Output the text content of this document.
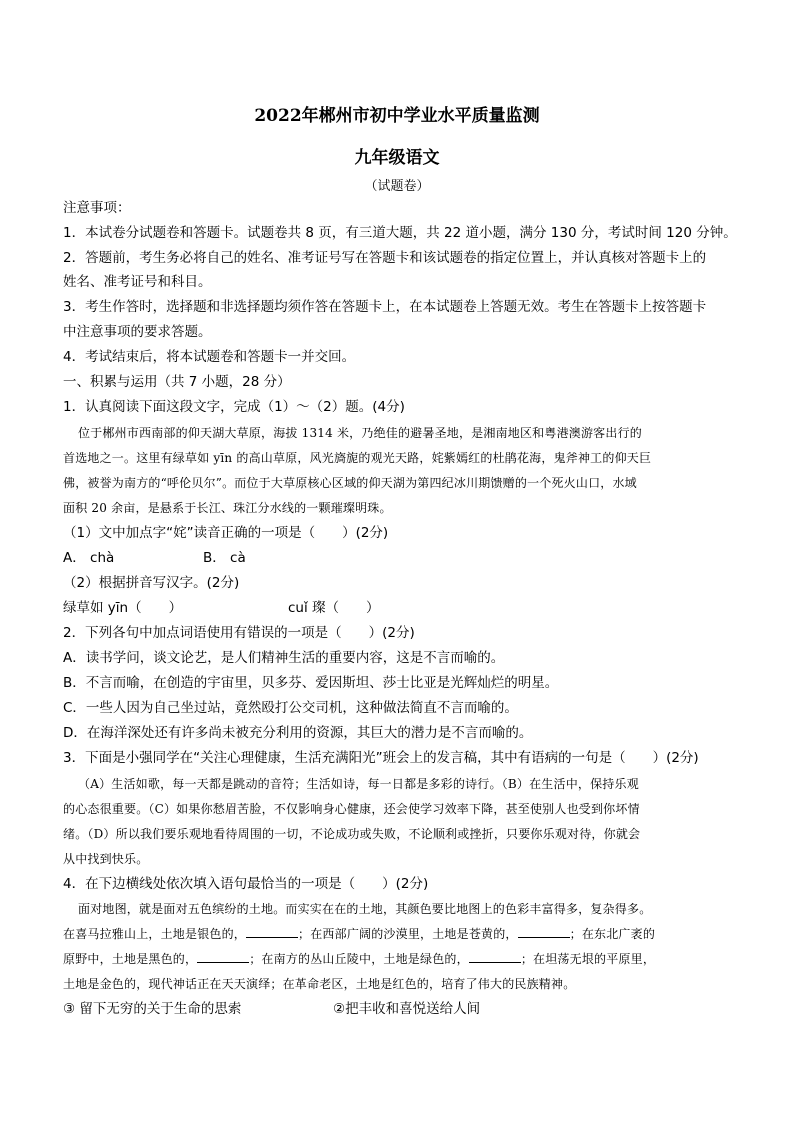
2022年郴州市初中学业水平质量监测
九年级语文
（试题卷）
注意事项：
1．本试卷分试题卷和答题卡。试题卷共 8 页，有三道大题，共 22 道小题，满分 130 分，考试时间 120 分钟。
2．答题前，考生务必将自己的姓名、准考证号写在答题卡和该试题卷的指定位置上，并认真核对答题卡上的
姓名、准考证号和科目。
3．考生作答时，选择题和非选择题均须作答在答题卡上，在本试题卷上答题无效。考生在答题卡上按答题卡
中注意事项的要求答题。
4．考试结束后，将本试题卷和答题卡一并交回。
一、积累与运用（共 7 小题，28 分）
1．认真阅读下面这段文字，完成（1）～（2）题。(4分)
位于郴州市西南部的仰天湖大草原，海拔 1314 米，乃绝佳的避暑圣地，是湘南地区和粤港澳游客出行的
首选地之一。这里有绿草如 yīn 的高山草原，风光旖旎的观光天路，姹紫嫣红的杜鹃花海，鬼斧神工的仰天巨
佛，被誉为南方的“呼伦贝尔”。而位于大草原核心区域的仰天湖为第四纪冰川期馈赠的一个死火山口，水域
面积 20 余亩，是悬系于长江、珠江分水线的一颗璀璨明珠。
（1）文中加点字“姹”读音正确的一项是（　　）(2分)
A． chà	B． cà
（2）根据拼音写汉字。(2分)
绿草如 yīn（　　）	cuǐ 璨（　　）
2．下列各句中加点词语使用有错误的一项是（　　）(2分)
A．读书学问，谈文论艺，是人们精神生活的重要内容，这是不言而喻的。
B．不言而喻，在创造的宇宙里，贝多芬、爱因斯坦、莎士比亚是光辉灿烂的明星。
C．一些人因为自己坐过站，竟然殴打公交司机，这种做法简直不言而喻的。
D．在海洋深处还有许多尚未被充分利用的资源，其巨大的潜力是不言而喻的。
3．下面是小强同学在“关注心理健康，生活充满阳光”班会上的发言稿，其中有语病的一句是（　　）(2分)
（A）生活如歌，每一天都是跳动的音符；生活如诗，每一日都是多彩的诗行。（B）在生活中，保持乐观
的心态很重要。（C）如果你愁眉苦脸，不仅影响身心健康，还会使学习效率下降，甚至使别人也受到你坏情
绪。（D）所以我们要乐观地看待周围的一切，不论成功或失败，不论顺利或挫折，只要你乐观对待，你就会
从中找到快乐。
4．在下边横线处依次填入语句最恰当的一项是（　　）(2分)
面对地图，就是面对五色缤纷的土地。而实实在在的土地，其颜色要比地图上的色彩丰富得多，复杂得多。
在喜马拉雅山上，土地是银色的，	；在西部广阔的沙漠里，土地是苍黄的，	；在东北广袤的
原野中，土地是黑色的，	；在南方的丛山丘陵中，土地是绿色的，	；在坦荡无垠的平原里，
土地是金色的，现代神话正在天天演绎；在革命老区，土地是红色的，培育了伟大的民族精神。
③ 留下无穷的关于生命的思索	②把丰收和喜悦送给人间
